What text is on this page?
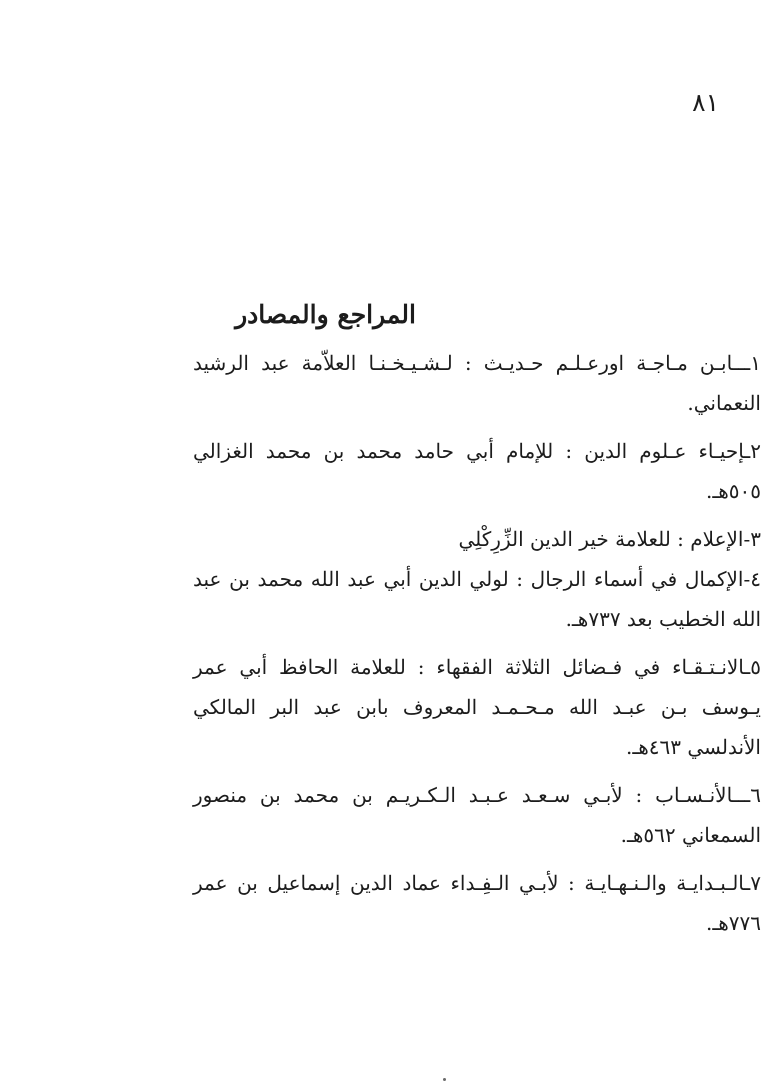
٨١
المراجع والمصادر
١ـــابـن مـاجـة اورعـلـم حـديـث : لـشـيـخـنـا العلاّمة عبد الرشيد النعماني.
٢ـإحيـاء عـلوم الدين : للإمام أبي حامد محمد بن محمد الغزالي ٥٠٥هـ.
٣-الإعلام : للعلامة خير الدين الزِّرِكْلِي
٤-الإكمال في أسماء الرجال : لولي الدين أبي عبد الله محمد بن عبد الله الخطيب بعد ٧٣٧هـ.
٥ـالانـتـقـاء في فـضائل الثلاثة الفقهاء : للعلامة الحافظ أبي عمر يـوسف بـن عبـد الله مـحـمـد المعروف بابن عبد البر المالكي الأندلسي ٤٦٣هـ.
٦ـــالأنـسـاب : لأبـي سـعـد عـبـد الـكـريـم بن محمد بن منصور السمعاني ٥٦٢هـ.
٧ـالـبـدايـة والـنـهـايـة : لأبـي الـفِـداء عماد الدين إسماعيل بن عمر ٧٧٦هـ.
